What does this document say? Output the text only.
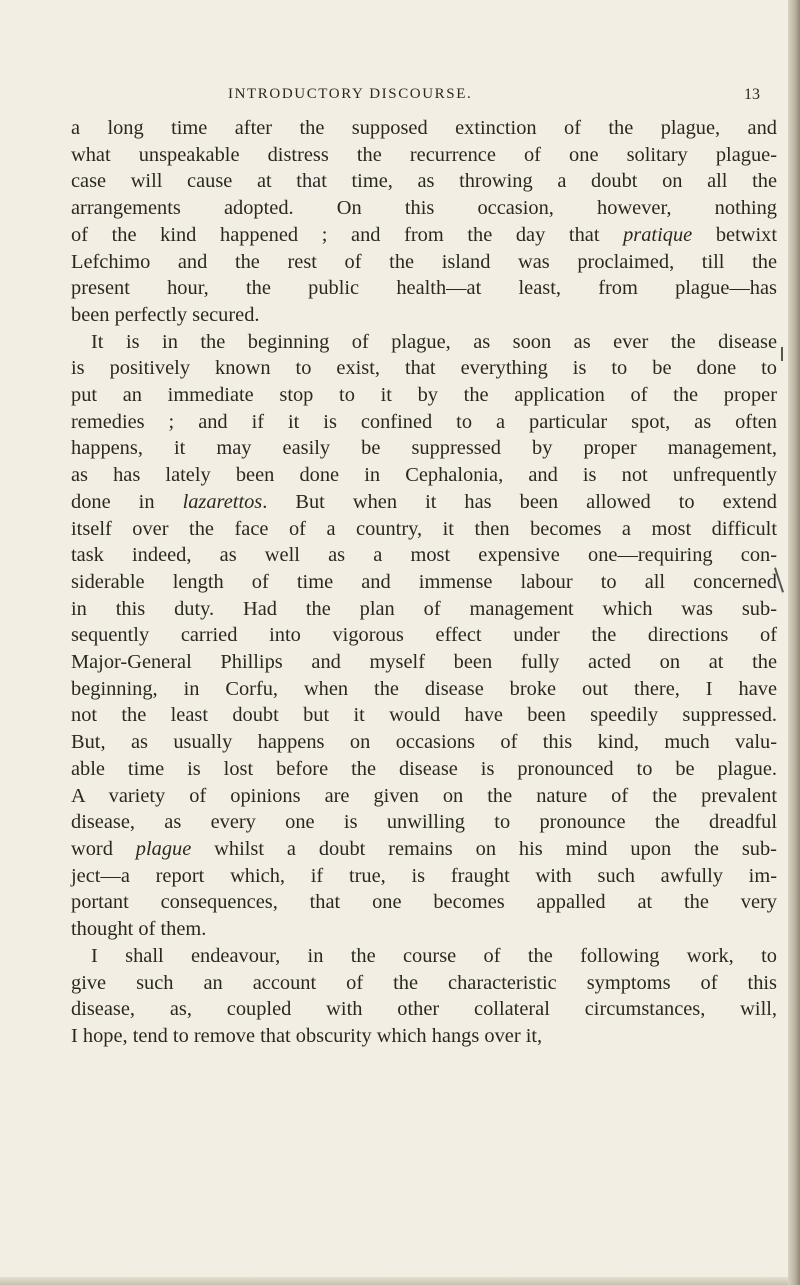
INTRODUCTORY DISCOURSE.	13
a long time after the supposed extinction of the plague, and
what unspeakable distress the recurrence of one solitary plague-
case will cause at that time, as throwing a doubt on all the
arrangements adopted. On this occasion, however, nothing
of the kind happened ; and from the day that pratique betwixt
Lefchimo and the rest of the island was proclaimed, till the
present hour, the public health—at least, from plague—has
been perfectly secured.
It is in the beginning of plague, as soon as ever the disease
is positively known to exist, that everything is to be done to
put an immediate stop to it by the application of the proper
remedies ; and if it is confined to a particular spot, as often
happens, it may easily be suppressed by proper management,
as has lately been done in Cephalonia, and is not unfrequently
done in lazarettos. But when it has been allowed to extend
itself over the face of a country, it then becomes a most difficult
task indeed, as well as a most expensive one—requiring con-
siderable length of time and immense labour to all concerned
in this duty. Had the plan of management which was sub-
sequently carried into vigorous effect under the directions of
Major-General Phillips and myself been fully acted on at the
beginning, in Corfu, when the disease broke out there, I have
not the least doubt but it would have been speedily suppressed.
But, as usually happens on occasions of this kind, much valu-
able time is lost before the disease is pronounced to be plague.
A variety of opinions are given on the nature of the prevalent
disease, as every one is unwilling to pronounce the dreadful
word plague whilst a doubt remains on his mind upon the sub-
ject—a report which, if true, is fraught with such awfully im-
portant consequences, that one becomes appalled at the very
thought of them.
I shall endeavour, in the course of the following work, to
give such an account of the characteristic symptoms of this
disease, as, coupled with other collateral circumstances, will,
I hope, tend to remove that obscurity which hangs over it,
